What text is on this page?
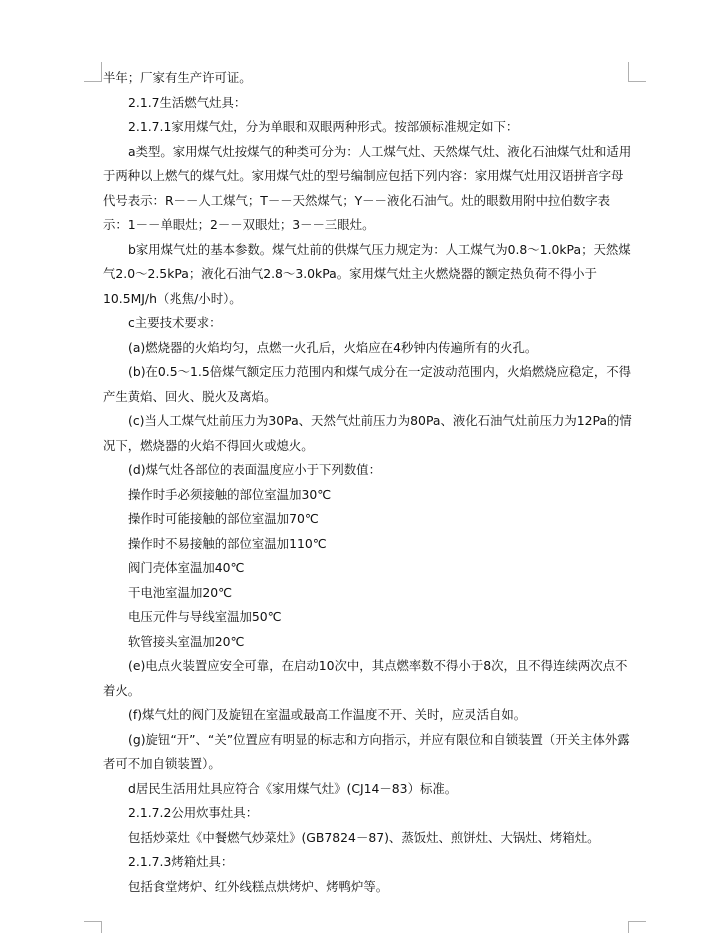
半年；厂家有生产许可证。

2.1.7生活燃气灶具：

2.1.7.1家用煤气灶，分为单眼和双眼两种形式。按部颁标准规定如下：

a类型。家用煤气灶按煤气的种类可分为：人工煤气灶、天然煤气灶、液化石油煤气灶和适用于两种以上燃气的煤气灶。家用煤气灶的型号编制应包括下列内容：家用煤气灶用汉语拼音字母代号表示：R－－人工煤气；T－－天然煤气；Y－－液化石油气。灶的眼数用附中拉伯数字表示：1－－单眼灶；2－－双眼灶；3－－三眼灶。

b家用煤气灶的基本参数。煤气灶前的供煤气压力规定为：人工煤气为0.8～1.0kPa；天然煤气2.0～2.5kPa；液化石油气2.8～3.0kPa。家用煤气灶主火燃烧器的额定热负荷不得小于10.5MJ/h（兆焦/小时）。

c主要技术要求：

(a)燃烧器的火焰均匀，点燃一火孔后，火焰应在4秒钟内传遍所有的火孔。

(b)在0.5～1.5倍煤气额定压力范围内和煤气成分在一定波动范围内，火焰燃烧应稳定，不得产生黄焰、回火、脱火及离焰。

(c)当人工煤气灶前压力为30Pa、天然气灶前压力为80Pa、液化石油气灶前压力为12Pa的情况下，燃烧器的火焰不得回火或熄火。

(d)煤气灶各部位的表面温度应小于下列数值：

操作时手必须接触的部位室温加30℃

操作时可能接触的部位室温加70℃

操作时不易接触的部位室温加110℃

阀门壳体室温加40℃

干电池室温加20℃

电压元件与导线室温加50℃

软管接头室温加20℃

(e)电点火装置应安全可靠，在启动10次中，其点燃率数不得小于8次，且不得连续两次点不着火。

(f)煤气灶的阀门及旋钮在室温或最高工作温度不开、关时，应灵活自如。

(g)旋钮“开”、“关”位置应有明显的标志和方向指示，并应有限位和自锁装置（开关主体外露者可不加自锁装置）。

d居民生活用灶具应符合《家用煤气灶》(CJ14－83）标准。

2.1.7.2公用炊事灶具：

包括炒菜灶《中餐燃气炒菜灶》(GB7824－87)、蒸饭灶、煎饼灶、大锅灶、烤箱灶。

2.1.7.3烤箱灶具：

包括食堂烤炉、红外线糕点烘烤炉、烤鸭炉等。
